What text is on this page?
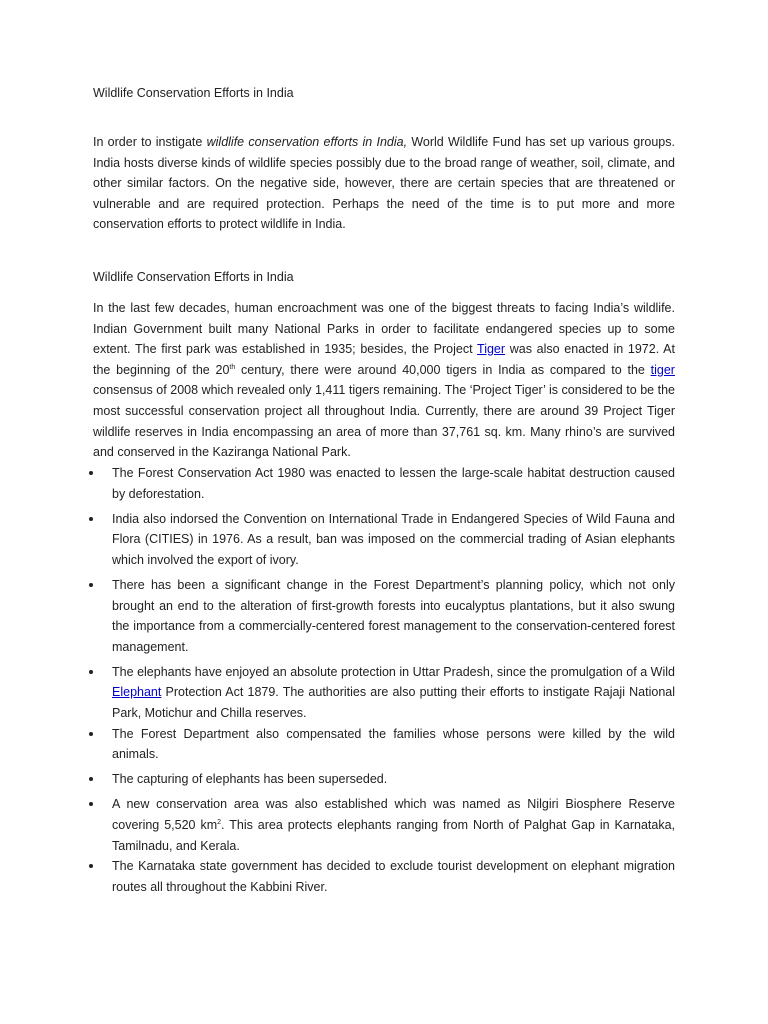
Wildlife Conservation Efforts in India

In order to instigate wildlife conservation efforts in India, World Wildlife Fund has set up various groups. India hosts diverse kinds of wildlife species possibly due to the broad range of weather, soil, climate, and other similar factors. On the negative side, however, there are certain species that are threatened or vulnerable and are required protection. Perhaps the need of the time is to put more and more conservation efforts to protect wildlife in India.

Wildlife Conservation Efforts in India

In the last few decades, human encroachment was one of the biggest threats to facing India’s wildlife. Indian Government built many National Parks in order to facilitate endangered species up to some extent. The first park was established in 1935; besides, the Project Tiger was also enacted in 1972. At the beginning of the 20th century, there were around 40,000 tigers in India as compared to the tiger consensus of 2008 which revealed only 1,411 tigers remaining. The ‘Project Tiger’ is considered to be the most successful conservation project all throughout India. Currently, there are around 39 Project Tiger wildlife reserves in India encompassing an area of more than 37,761 sq. km. Many rhino’s are survived and conserved in the Kaziranga National Park.

The Forest Conservation Act 1980 was enacted to lessen the large-scale habitat destruction caused by deforestation.
India also indorsed the Convention on International Trade in Endangered Species of Wild Fauna and Flora (CITIES) in 1976. As a result, ban was imposed on the commercial trading of Asian elephants which involved the export of ivory.
There has been a significant change in the Forest Department’s planning policy, which not only brought an end to the alteration of first-growth forests into eucalyptus plantations, but it also swung the importance from a commercially-centered forest management to the conservation-centered forest management.
The elephants have enjoyed an absolute protection in Uttar Pradesh, since the promulgation of a Wild Elephant Protection Act 1879. The authorities are also putting their efforts to instigate Rajaji National Park, Motichur and Chilla reserves.
The Forest Department also compensated the families whose persons were killed by the wild animals.
The capturing of elephants has been superseded.
A new conservation area was also established which was named as Nilgiri Biosphere Reserve covering 5,520 $km^2$. This area protects elephants ranging from North of Palghat Gap in Karnataka, Tamilnadu, and Kerala.
The Karnataka state government has decided to exclude tourist development on elephant migration routes all throughout the Kabbini River.
